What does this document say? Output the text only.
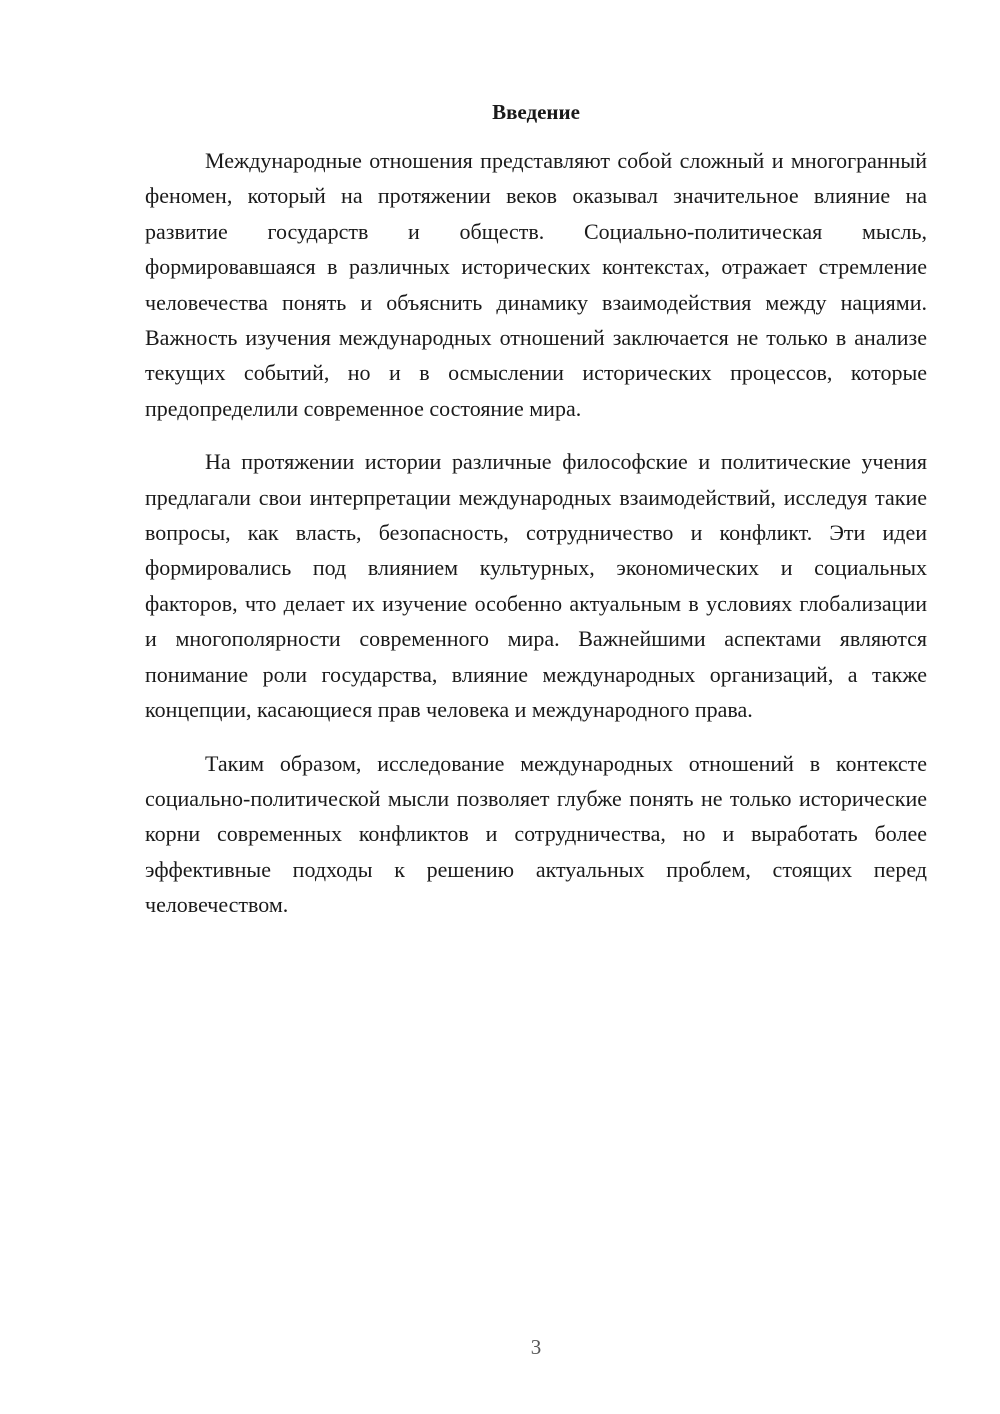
Введение

Международные отношения представляют собой сложный и многогранный феномен, который на протяжении веков оказывал значительное влияние на развитие государств и обществ. Социально-политическая мысль, формировавшаяся в различных исторических контекстах, отражает стремление человечества понять и объяснить динамику взаимодействия между нациями. Важность изучения международных отношений заключается не только в анализе текущих событий, но и в осмыслении исторических процессов, которые предопределили современное состояние мира.

На протяжении истории различные философские и политические учения предлагали свои интерпретации международных взаимодействий, исследуя такие вопросы, как власть, безопасность, сотрудничество и конфликт. Эти идеи формировались под влиянием культурных, экономических и социальных факторов, что делает их изучение особенно актуальным в условиях глобализации и многополярности современного мира. Важнейшими аспектами являются понимание роли государства, влияние международных организаций, а также концепции, касающиеся прав человека и международного права.

Таким образом, исследование международных отношений в контексте социально-политической мысли позволяет глубже понять не только исторические корни современных конфликтов и сотрудничества, но и выработать более эффективные подходы к решению актуальных проблем, стоящих перед человечеством.

3
